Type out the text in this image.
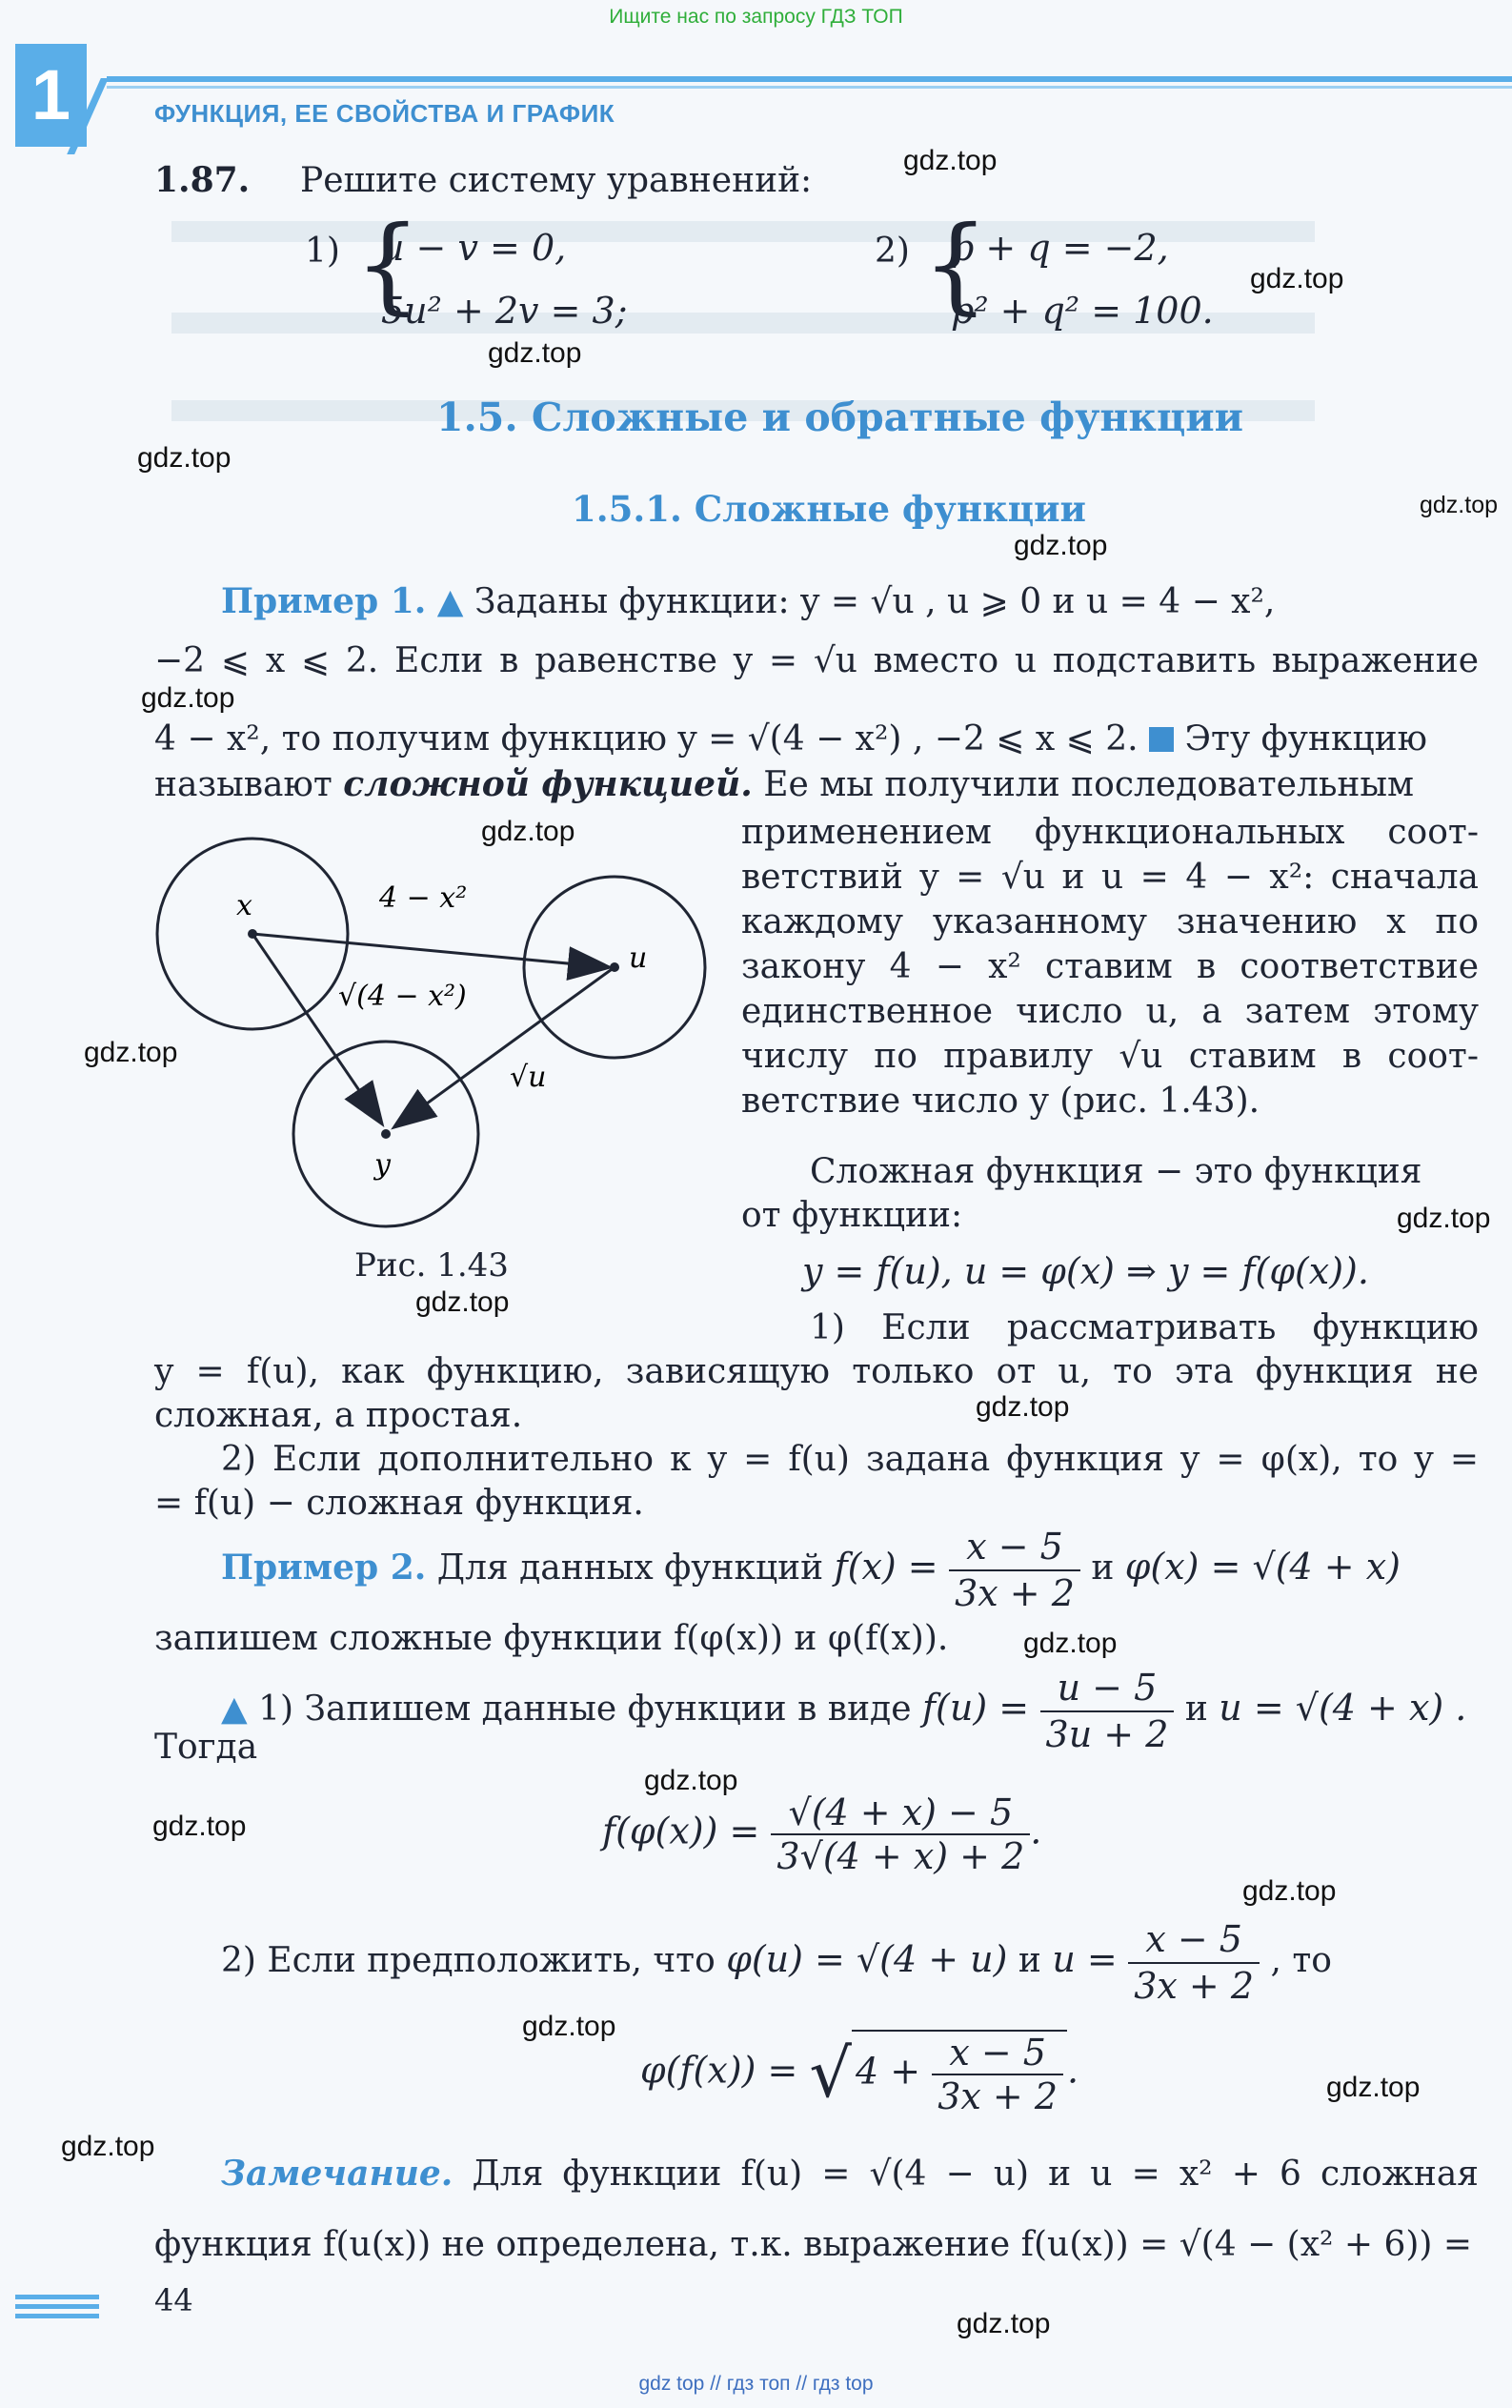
Ищите нас по запросу ГДЗ ТОП
1	ФУНКЦИЯ, ЕЕ СВОЙСТВА И ГРАФИК
1.87. Решите систему уравнений:
1) {
u − v = 0,
5u² + 2v = 3;
2) {
p + q = −2,
p² + q² = 100.
1.5. Сложные и обратные функции
1.5.1. Сложные функции
Пример 1. ▲ Заданы функции: y = √u , u ⩾ 0 и u = 4 − x²,
−2 ⩽ x ⩽ 2. Если в равенстве y = √u вместо u подставить выражение
4 − x², то получим функцию y = √(4 − x²) , −2 ⩽ x ⩽ 2. Эту функцию
называют сложной функцией. Ее мы получили последовательным
x
u
y
4 − x²
√(4 − x²)
√u
Рис. 1.43
применением функциональных соот-
ветствий y = √u и u = 4 − x²: сначала
каждому указанному значению x по
закону 4 − x² ставим в соответствие
единственное число u, а затем этому
числу по правилу √u ставим в соот-
ветствие число y (рис. 1.43).
Сложная функция − это функция
от функции:
y = f(u), u = φ(x) ⇒ y = f(φ(x)).
1) Если рассматривать функцию
y = f(u), как функцию, зависящую только от u, то эта функция не
сложная, а простая.
2) Если дополнительно к y = f(u) задана функция y = φ(x), то y =
= f(u) − сложная функция.
Пример 2. Для данных функций $f(x) = \frac{x - 5}{3x + 2}$ и φ(x) = √(4 + x)
запишем сложные функции f(φ(x)) и φ(f(x)).
▲ 1) Запишем данные функции в виде $f(u) = \frac{u - 5}{3u + 2}$ и u = √(4 + x) .
Тогда
$f(\varphi(x)) = \frac{√(4 + x) - 5}{3√(4 + x) + 2}$ .
2) Если предположить, что φ(u) = √(4 + u) и $u = \frac{x - 5}{3x + 2}$ , то
φ(f(x)) = √ $4 + \frac{x - 5}{3x + 2}$ .
Замечание. Для функции f(u) = √(4 − u) и u = x² + 6 сложная
функция f(u(x)) не определена, т.к. выражение f(u(x)) = √(4 − (x² + 6)) =
44
gdz top // гдз топ // гдз top
gdz.top
gdz.top
gdz.top
gdz.top
gdz.top
gdz.top
gdz.top
gdz.top
gdz.top
gdz.top
gdz.top
gdz.top
gdz.top
gdz.top
gdz.top
gdz.top
gdz.top
gdz.top
gdz.top
gdz.top
